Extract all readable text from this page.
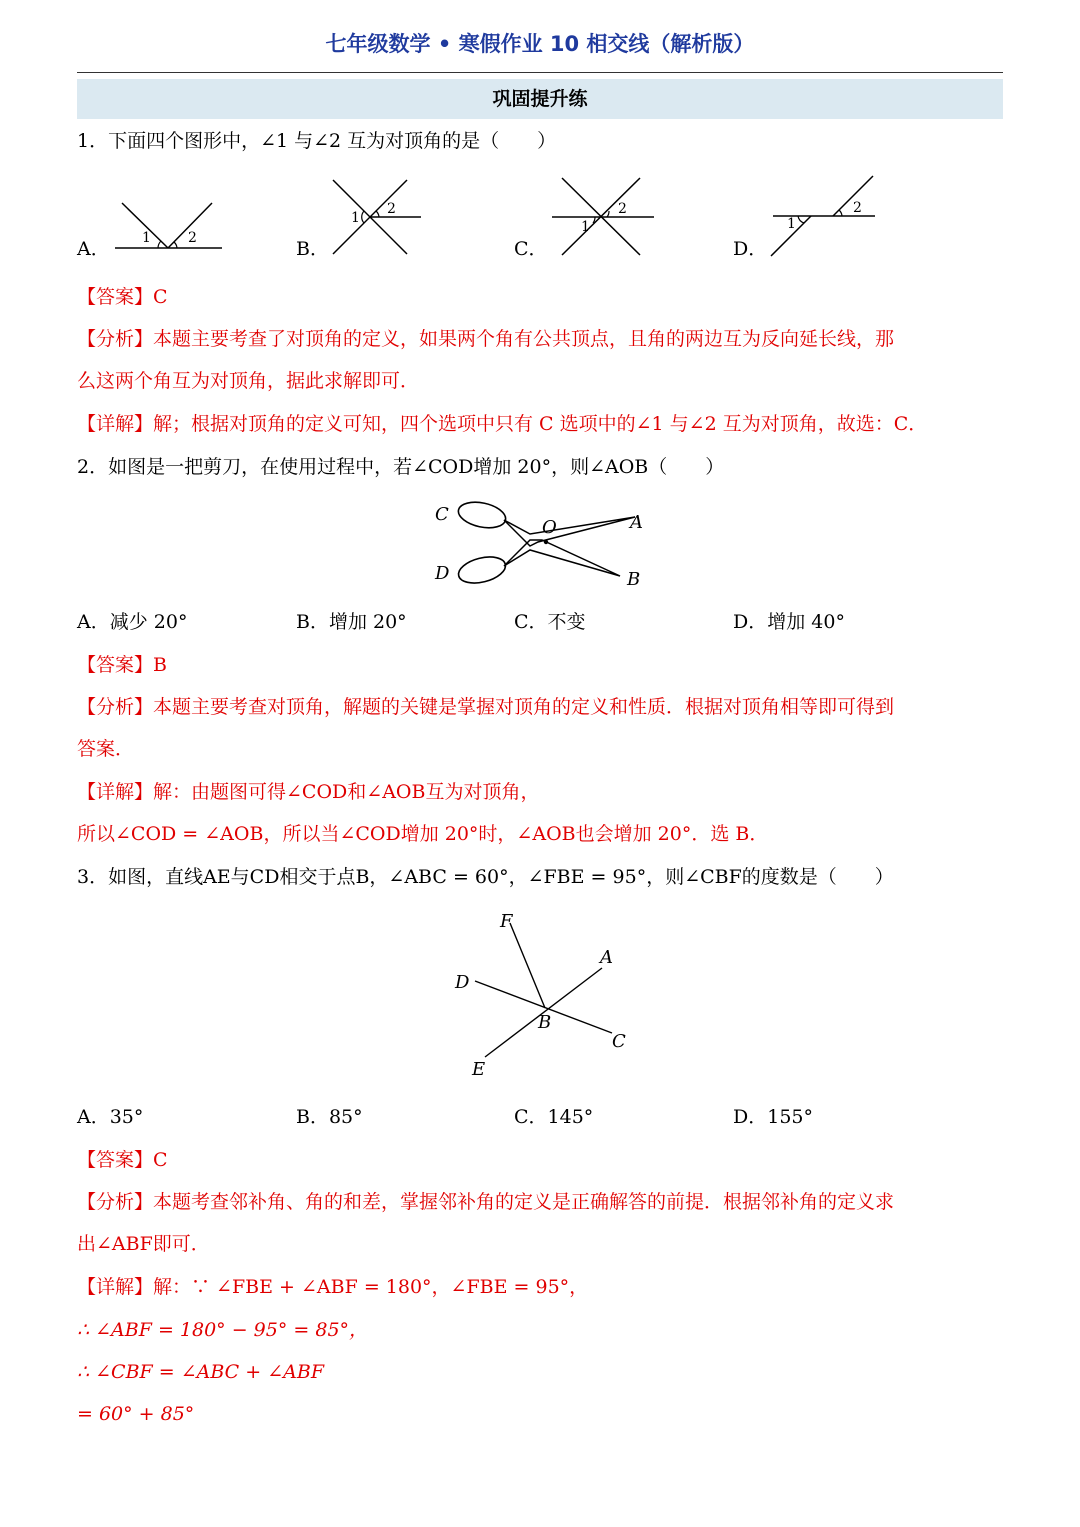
七年级数学 • 寒假作业 10 相交线（解析版）
巩固提升练
1．下面四个图形中，∠1 与∠2 互为对顶角的是（　　）
A．	B．	C．	D．
1	2
1
2
1
2
1
2
【答案】C
【分析】本题主要考查了对顶角的定义，如果两个角有公共顶点，且角的两边互为反向延长线，那
么这两个角互为对顶角，据此求解即可．
【详解】解；根据对顶角的定义可知，四个选项中只有 C 选项中的∠1 与∠2 互为对顶角，故选：C．
2．如图是一把剪刀，在使用过程中，若∠COD增加 20°，则∠AOB（　　）
C
O	A
D	B
A．减少 20°	B．增加 20°	C．不变	D．增加 40°
【答案】B
【分析】本题主要考查对顶角，解题的关键是掌握对顶角的定义和性质．根据对顶角相等即可得到
答案．
【详解】解：由题图可得∠COD和∠AOB互为对顶角，
所以∠COD = ∠AOB，所以当∠COD增加 20°时，∠AOB也会增加 20°．选 B．
3．如图，直线AE与CD相交于点B，∠ABC = 60°，∠FBE = 95°，则∠CBF的度数是（　　）
F
A
D
B
C
E
A．35°	B．85°	C．145°	D．155°
【答案】C
【分析】本题考查邻补角、角的和差，掌握邻补角的定义是正确解答的前提．根据邻补角的定义求
出∠ABF即可．
【详解】解：∵ ∠FBE + ∠ABF = 180°，∠FBE = 95°，
∴ ∠ABF = 180° − 95° = 85°，
∴ ∠CBF = ∠ABC + ∠ABF
= 60° + 85°
